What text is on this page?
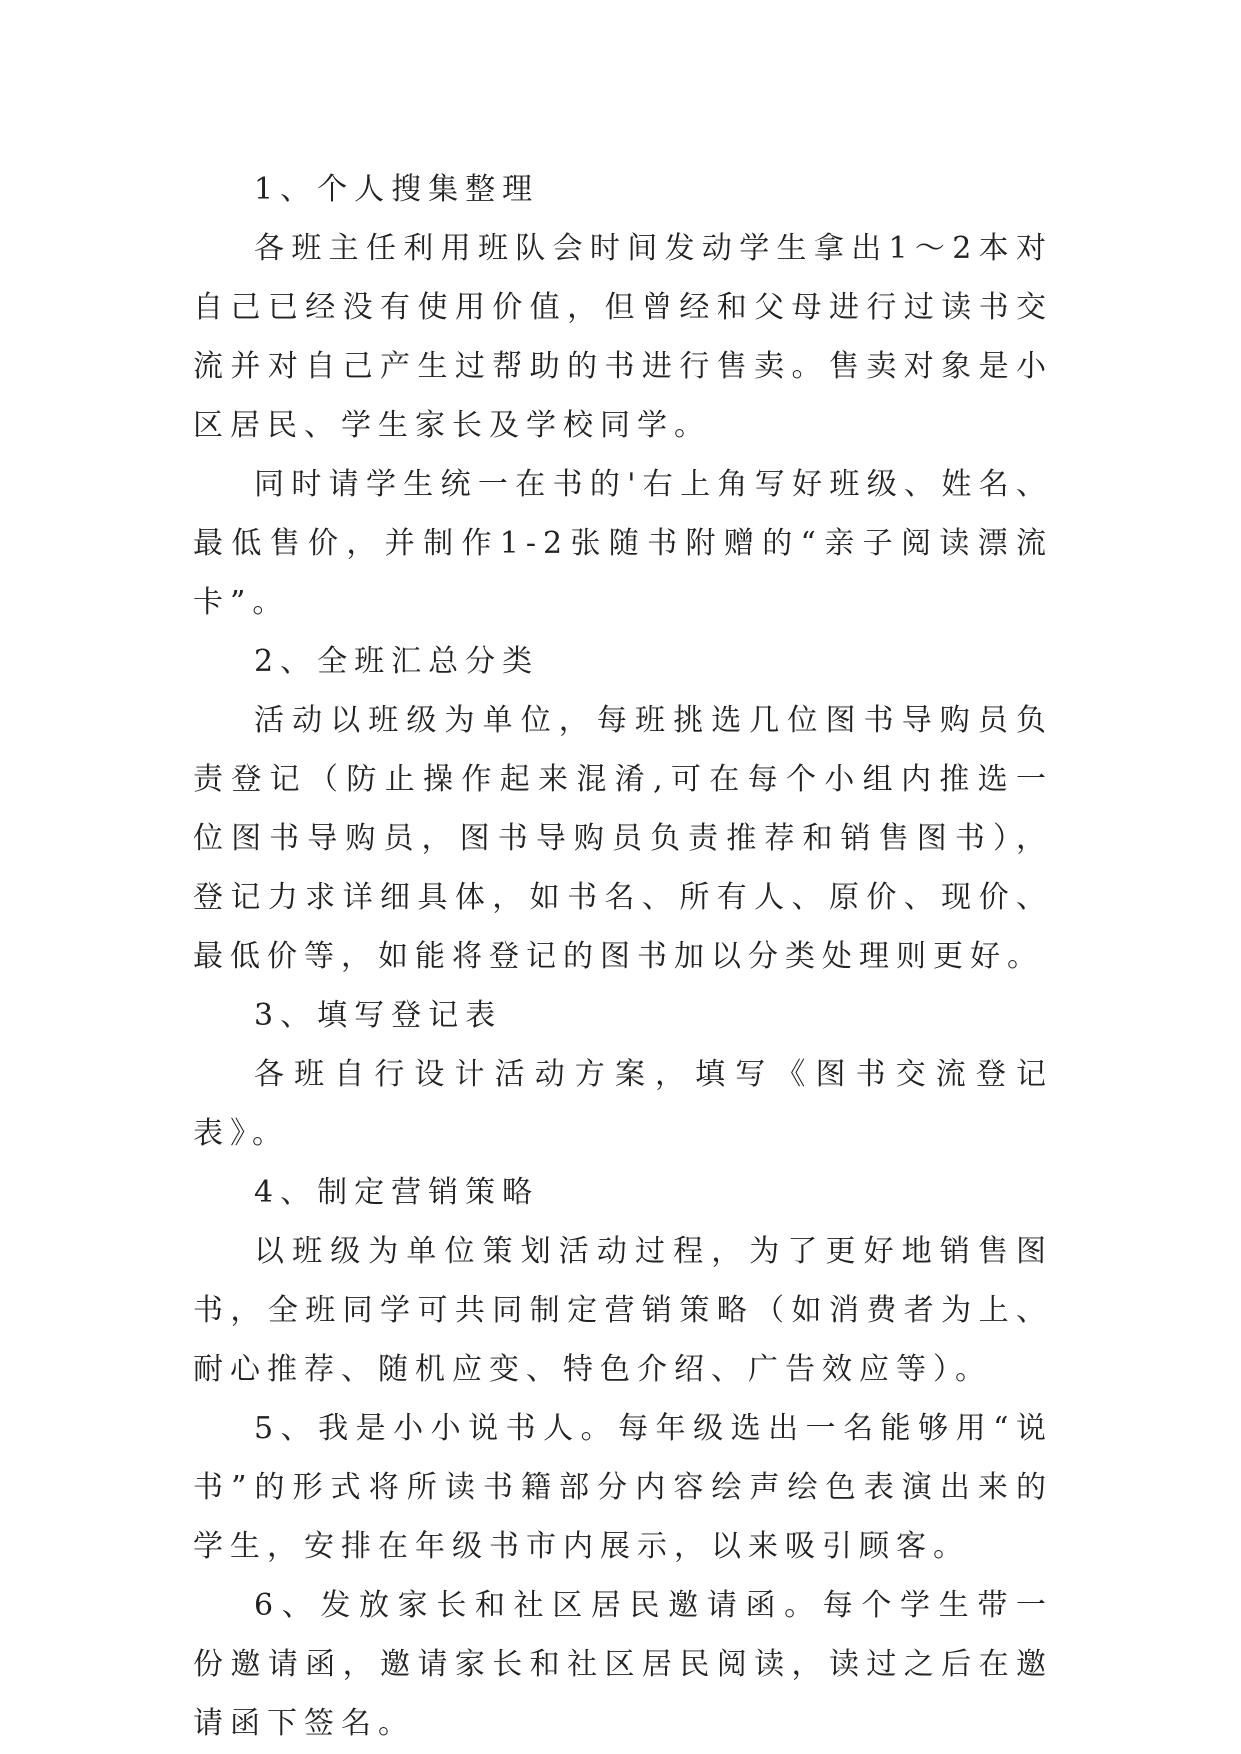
1、个人搜集整理

各班主任利用班队会时间发动学生拿出1～2本对自己已经没有使用价值，但曾经和父母进行过读书交流并对自己产生过帮助的书进行售卖。售卖对象是小区居民、学生家长及学校同学。

同时请学生统一在书的'右上角写好班级、姓名、最低售价，并制作1-2张随书附赠的“亲子阅读漂流卡”。

2、全班汇总分类

活动以班级为单位，每班挑选几位图书导购员负责登记（防止操作起来混淆,可在每个小组内推选一位图书导购员，图书导购员负责推荐和销售图书），登记力求详细具体，如书名、所有人、原价、现价、最低价等，如能将登记的图书加以分类处理则更好。

3、填写登记表

各班自行设计活动方案，填写《图书交流登记表》。

4、制定营销策略

以班级为单位策划活动过程，为了更好地销售图书，全班同学可共同制定营销策略（如消费者为上、耐心推荐、随机应变、特色介绍、广告效应等）。

5、我是小小说书人。每年级选出一名能够用“说书”的形式将所读书籍部分内容绘声绘色表演出来的学生，安排在年级书市内展示，以来吸引顾客。

6、发放家长和社区居民邀请函。每个学生带一份邀请函，邀请家长和社区居民阅读，读过之后在邀请函下签名。
